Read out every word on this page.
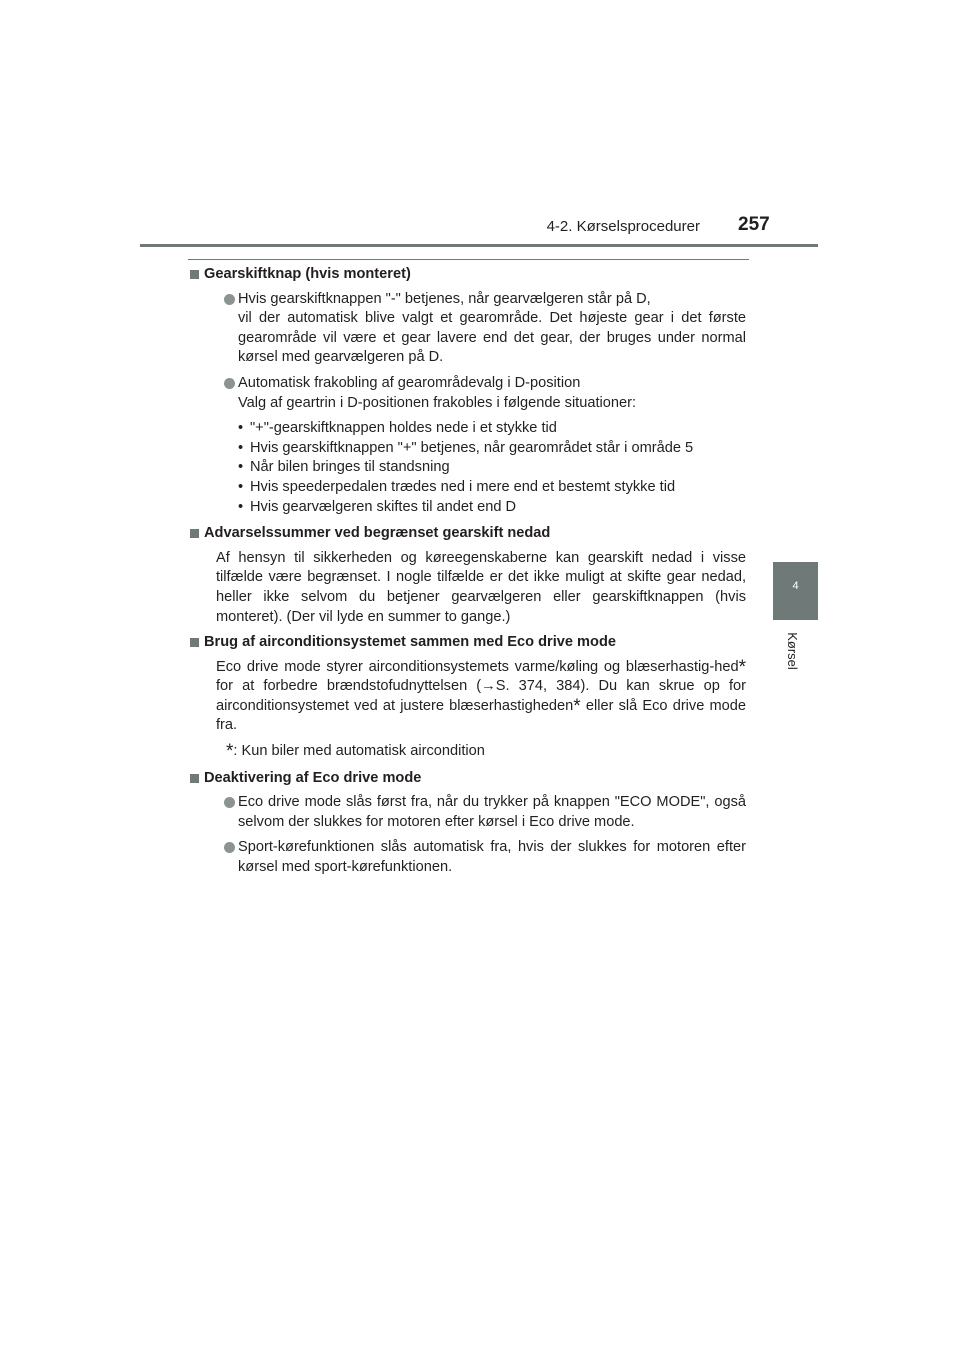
4-2. Kørselsprocedurer 257
4
Kørsel
Gearskiftknap (hvis monteret)
Hvis gearskiftknappen "-" betjenes, når gearvælgeren står på D,
vil der automatisk blive valgt et gearområde. Det højeste gear i det første gearområde vil være et gear lavere end det gear, der bruges under normal kørsel med gearvælgeren på D.
Automatisk frakobling af gearområdevalg i D-position
Valg af geartrin i D-positionen frakobles i følgende situationer:
• "+"-gearskiftknappen holdes nede i et stykke tid
• Hvis gearskiftknappen "+" betjenes, når gearområdet står i område 5
• Når bilen bringes til standsning
• Hvis speederpedalen trædes ned i mere end et bestemt stykke tid
• Hvis gearvælgeren skiftes til andet end D
Advarselssummer ved begrænset gearskift nedad
Af hensyn til sikkerheden og køreegenskaberne kan gearskift nedad i visse tilfælde være begrænset. I nogle tilfælde er det ikke muligt at skifte gear nedad, heller ikke selvom du betjener gearvælgeren eller gearskiftknappen (hvis monteret). (Der vil lyde en summer to gange.)
Brug af airconditionsystemet sammen med Eco drive mode
Eco drive mode styrer airconditionsystemets varme/køling og blæserhastig-hed* for at forbedre brændstofudnyttelsen (→S. 374, 384). Du kan skrue op for airconditionsystemet ved at justere blæserhastigheden* eller slå Eco drive mode fra.
*: Kun biler med automatisk aircondition
Deaktivering af Eco drive mode
Eco drive mode slås først fra, når du trykker på knappen "ECO MODE", også selvom der slukkes for motoren efter kørsel i Eco drive mode.
Sport-kørefunktionen slås automatisk fra, hvis der slukkes for motoren efter kørsel med sport-kørefunktionen.
